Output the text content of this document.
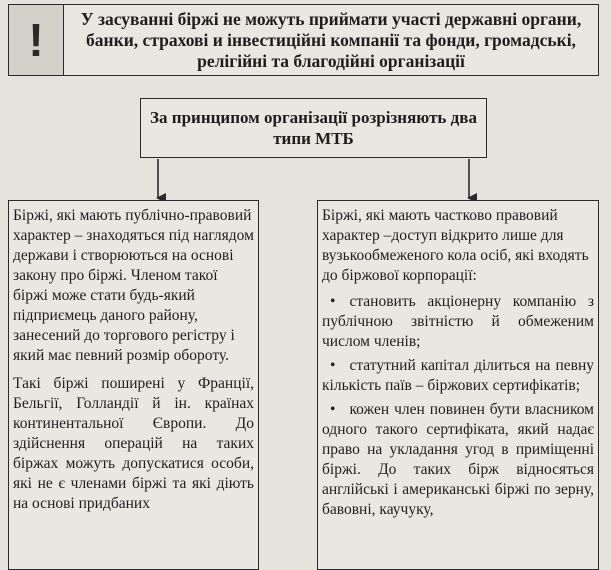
!	У засуванні біржі не можуть приймати участі державні органи, банки, страхові и інвестиційні компанії та фонди, громадські, релігійні та благодійні організації
За принципом організації розрізняють два типи МТБ

Біржі, які мають публічно-правовий характер – знаходяться під наглядом держави і створюються на основі закону про біржі. Членом такої біржі може стати будь-який підприємець даного району, занесений до торгового регістру і який має певний розмір обороту.

Такі біржі поширені у Франції, Бельгії, Голландії й ін. країнах континентальної Європи. До здійснення операцій на таких біржах можуть допускатися особи, які не є членами біржі та які діють на основі придбаних

Біржі, які мають частково правовий характер –доступ відкрито лише для вузькообмеженого кола осіб, які входять до біржової корпорації:

• становить акціонерну компанію з публічною звітністю й обмеженим числом членів;
• статутний капітал ділиться на певну кількість паїв – біржових сертифікатів;
• кожен член повинен бути власником одного такого сертифіката, який надає право на укладання угод в приміщенні біржі. До таких бірж відносяться англійські і американські біржі по зерну, бавовні, каучуку,
